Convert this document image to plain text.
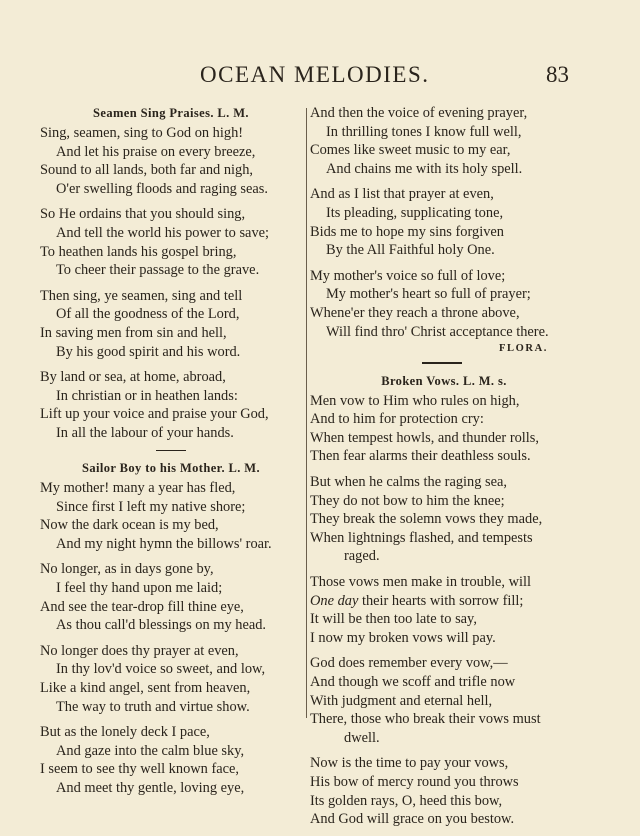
OCEAN MELODIES.	83
Seamen Sing Praises. L. M.
Sing, seamen, sing to God on high!
And let his praise on every breeze,
Sound to all lands, both far and nigh,
O'er swelling floods and raging seas.
So He ordains that you should sing,
And tell the world his power to save;
To heathen lands his gospel bring,
To cheer their passage to the grave.
Then sing, ye seamen, sing and tell
Of all the goodness of the Lord,
In saving men from sin and hell,
By his good spirit and his word.
By land or sea, at home, abroad,
In christian or in heathen lands:
Lift up your voice and praise your God,
In all the labour of your hands.
Sailor Boy to his Mother. L. M.
My mother! many a year has fled,
Since first I left my native shore;
Now the dark ocean is my bed,
And my night hymn the billows' roar.
No longer, as in days gone by,
I feel thy hand upon me laid;
And see the tear-drop fill thine eye,
As thou call'd blessings on my head.
No longer does thy prayer at even,
In thy lov'd voice so sweet, and low,
Like a kind angel, sent from heaven,
The way to truth and virtue show.
But as the lonely deck I pace,
And gaze into the calm blue sky,
I seem to see thy well known face,
And meet thy gentle, loving eye,
And then the voice of evening prayer,
In thrilling tones I know full well,
Comes like sweet music to my ear,
And chains me with its holy spell.
And as I list that prayer at even,
Its pleading, supplicating tone,
Bids me to hope my sins forgiven
By the All Faithful holy One.
My mother's voice so full of love;
My mother's heart so full of prayer;
Whene'er they reach a throne above,
Will find thro' Christ acceptance there.
FLORA.
Broken Vows. L. M. s.
Men vow to Him who rules on high,
And to him for protection cry:
When tempest howls, and thunder rolls,
Then fear alarms their deathless souls.
But when he calms the raging sea,
They do not bow to him the knee;
They break the solemn vows they made,
When lightnings flashed, and tempests
raged.
Those vows men make in trouble, will
One day their hearts with sorrow fill;
It will be then too late to say,
I now my broken vows will pay.
God does remember every vow,—
And though we scoff and trifle now
With judgment and eternal hell,
There, those who break their vows must
dwell.
Now is the time to pay your vows,
His bow of mercy round you throws
Its golden rays, O, heed this bow,
And God will grace on you bestow.
